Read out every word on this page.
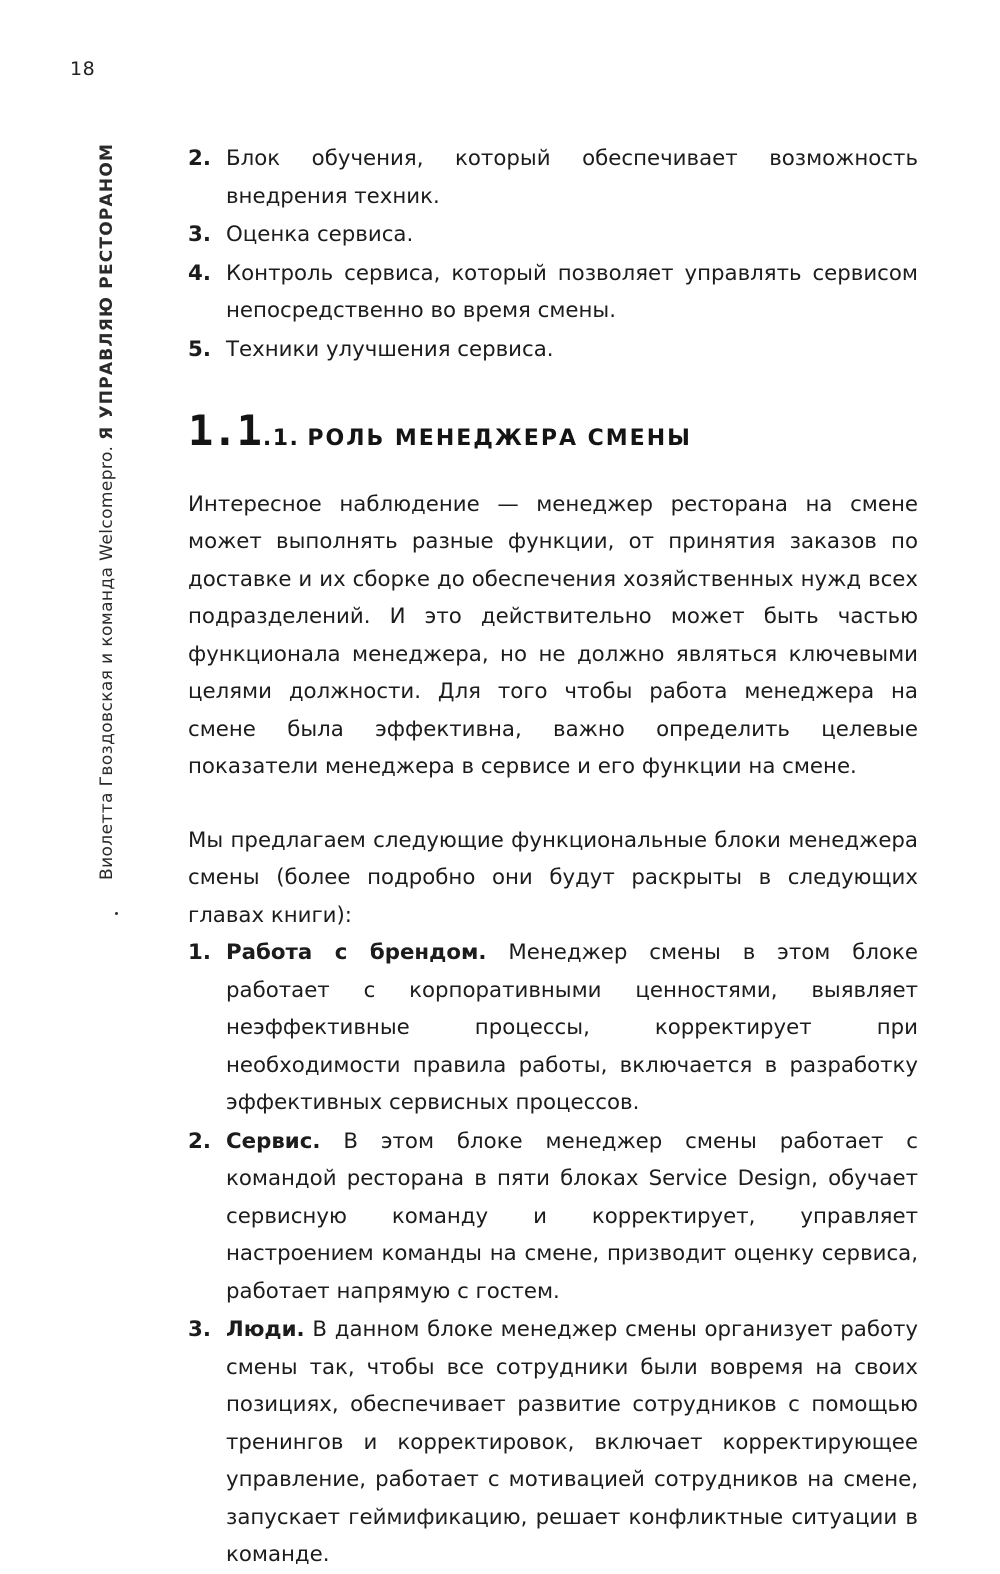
18
Виолетта Гвоздовская и команда Welcomepro. Я УПРАВЛЯЮ РЕСТОРАНОМ	2. Блок обучения, который обеспечивает возможность внедрения техник.
3. Оценка сервиса.
4. Контроль сервиса, который позволяет управлять сервисом непосредственно во время смены.
5. Техники улучшения сервиса.
1.1 .1. РОЛЬ МЕНЕДЖЕРА СМЕНЫ

Интересное наблюдение — менеджер ресторана на смене может выполнять разные функции, от принятия заказов по доставке и их сборке до обеспечения хозяйственных нужд всех подразделений. И это действительно может быть частью функционала менеджера, но не должно являться ключевыми целями должности. Для того чтобы работа менеджера на смене была эффективна, важно определить целевые показатели менеджера в сервисе и его функции на смене.

Мы предлагаем следующие функциональные блоки менеджера смены (более подробно они будут раскрыты в следующих главах книги):

1. Работа с брендом. Менеджер смены в этом блоке работает с корпоративными ценностями, выявляет неэффективные процессы, корректирует при необходимости правила работы, включается в разработку эффективных сервисных процессов.
2. Сервис. В этом блоке менеджер смены работает с командой ресторана в пяти блоках Service Design, обучает сервисную команду и корректирует, управляет настроением команды на смене, призводит оценку сервиса, работает напрямую с гостем.
3. Люди. В данном блоке менеджер смены организует работу смены так, чтобы все сотрудники были вовремя на своих позициях, обеспечивает развитие сотрудников с помощью тренингов и корректировок, включает корректирующее управление, работает с мотивацией сотрудников на смене, запускает геймификацию, решает конфликтные ситуации в команде.
